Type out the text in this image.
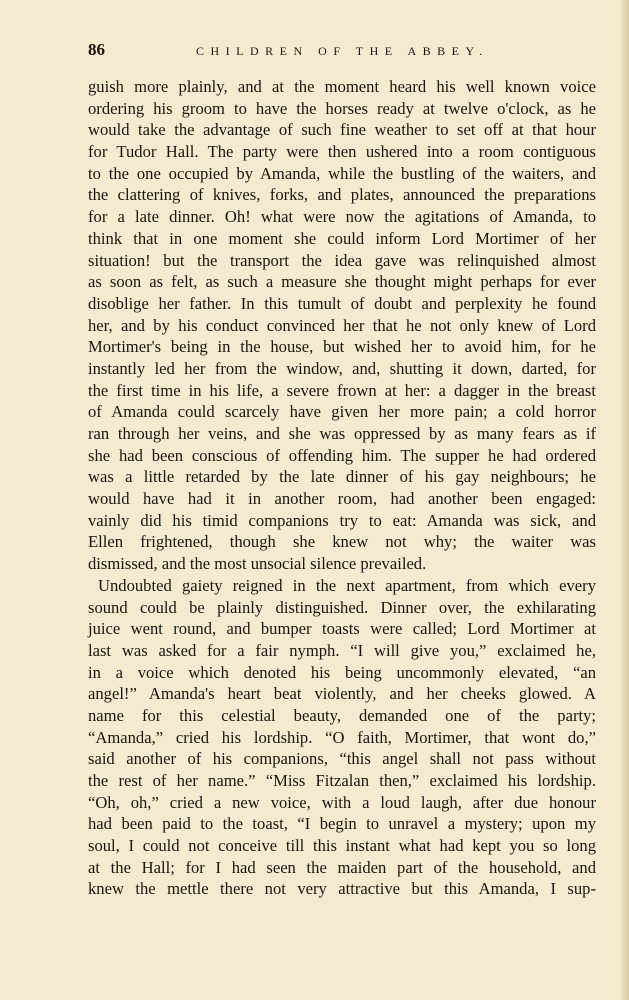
86	CHILDREN OF THE ABBEY.
guish more plainly, and at the moment heard his well known voice
ordering his groom to have the horses ready at twelve o'clock, as he
would take the advantage of such fine weather to set off at that hour
for Tudor Hall. The party were then ushered into a room contiguous
to the one occupied by Amanda, while the bustling of the waiters, and
the clattering of knives, forks, and plates, announced the preparations
for a late dinner. Oh! what were now the agitations of Amanda, to
think that in one moment she could inform Lord Mortimer of her
situation! but the transport the idea gave was relinquished almost
as soon as felt, as such a measure she thought might perhaps for ever
disoblige her father. In this tumult of doubt and perplexity he found
her, and by his conduct convinced her that he not only knew of Lord
Mortimer's being in the house, but wished her to avoid him, for he
instantly led her from the window, and, shutting it down, darted, for
the first time in his life, a severe frown at her: a dagger in the breast
of Amanda could scarcely have given her more pain; a cold horror
ran through her veins, and she was oppressed by as many fears as if
she had been conscious of offending him. The supper he had ordered
was a little retarded by the late dinner of his gay neighbours; he
would have had it in another room, had another been engaged:
vainly did his timid companions try to eat: Amanda was sick, and
Ellen frightened, though she knew not why; the waiter was
dismissed, and the most unsocial silence prevailed.
Undoubted gaiety reigned in the next apartment, from which every
sound could be plainly distinguished. Dinner over, the exhilarating
juice went round, and bumper toasts were called; Lord Mortimer at
last was asked for a fair nymph. “I will give you,” exclaimed he,
in a voice which denoted his being uncommonly elevated, “an
angel!” Amanda's heart beat violently, and her cheeks glowed. A
name for this celestial beauty, demanded one of the party;
“Amanda,” cried his lordship. “O faith, Mortimer, that wont do,”
said another of his companions, “this angel shall not pass without
the rest of her name.” “Miss Fitzalan then,” exclaimed his lordship.
“Oh, oh,” cried a new voice, with a loud laugh, after due honour
had been paid to the toast, “I begin to unravel a mystery; upon my
soul, I could not conceive till this instant what had kept you so long
at the Hall; for I had seen the maiden part of the household, and
knew the mettle there not very attractive but this Amanda, I sup-
